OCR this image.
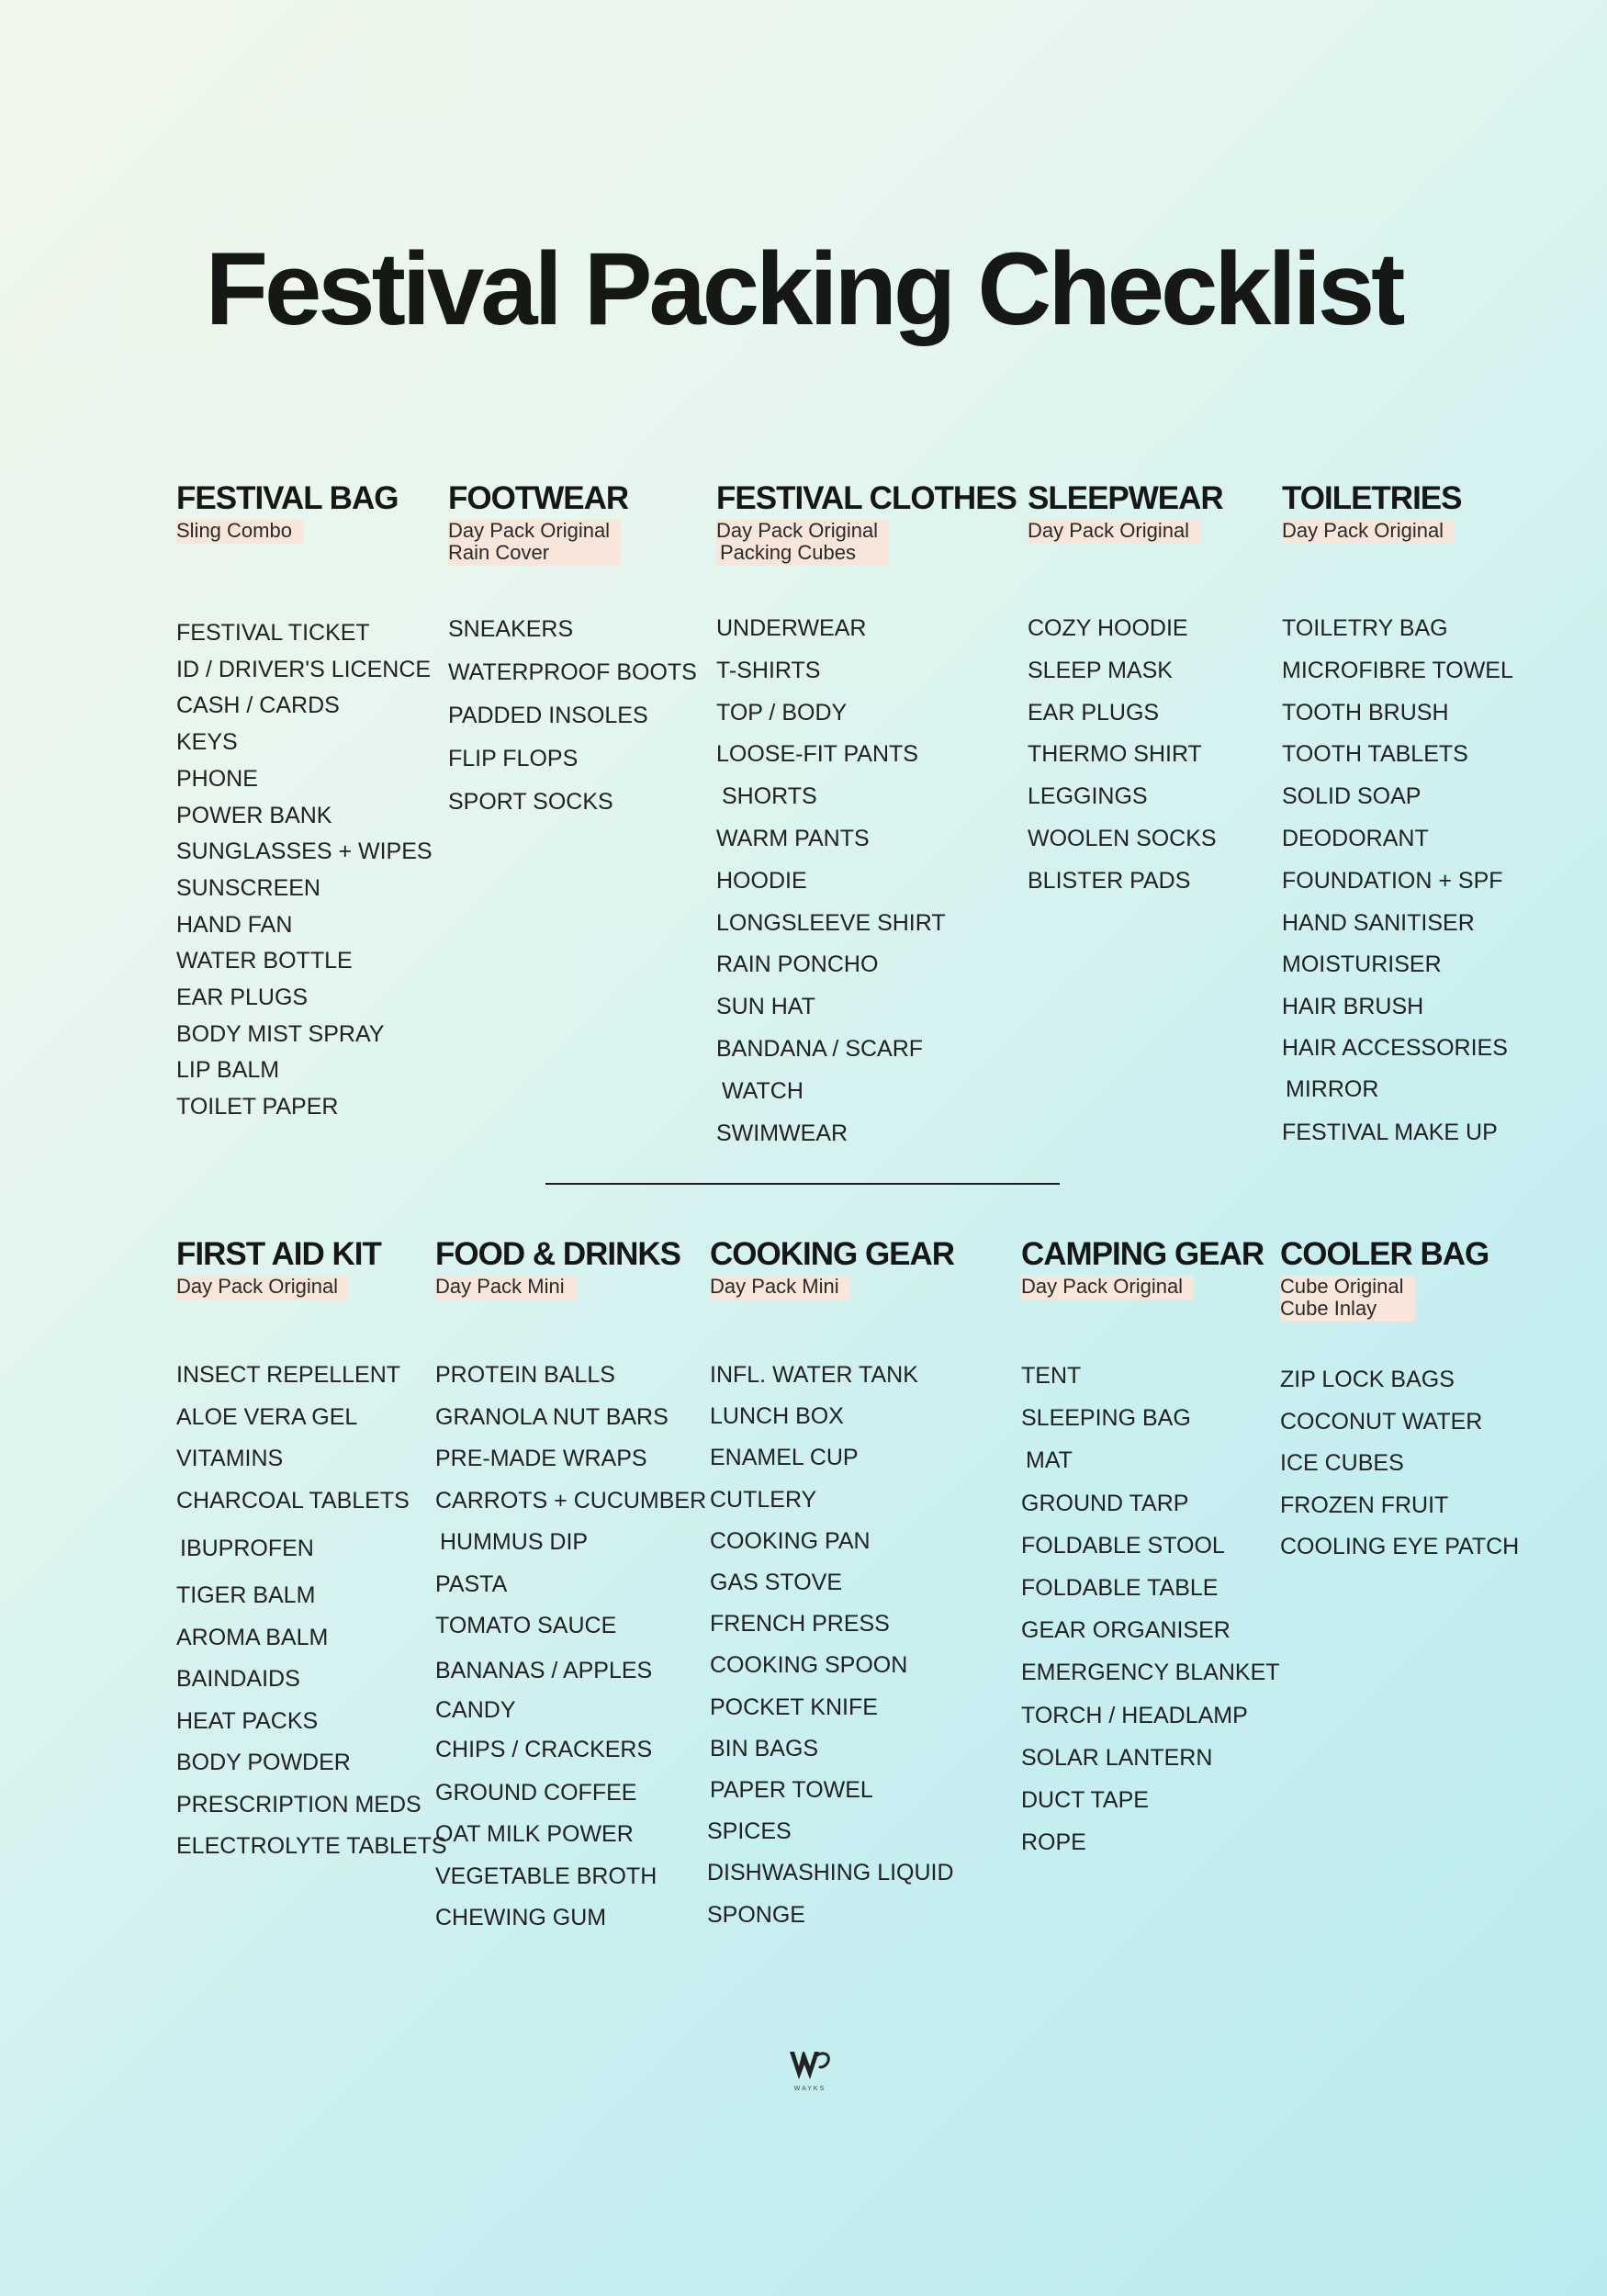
Festival Packing Checklist
FESTIVAL BAG
Sling Combo
FESTIVAL TICKET
ID / DRIVER'S LICENCE
CASH / CARDS
KEYS
PHONE
POWER BANK
SUNGLASSES + WIPES
SUNSCREEN
HAND FAN
WATER BOTTLE
EAR PLUGS
BODY MIST SPRAY
LIP BALM
TOILET PAPER
FOOTWEAR
Day Pack Original
Rain Cover
SNEAKERS
WATERPROOF BOOTS
PADDED INSOLES
FLIP FLOPS
SPORT SOCKS
FESTIVAL CLOTHES
Day Pack Original
Packing Cubes
UNDERWEAR
T-SHIRTS
TOP / BODY
LOOSE-FIT PANTS
SHORTS
WARM PANTS
HOODIE
LONGSLEEVE SHIRT
RAIN PONCHO
SUN HAT
BANDANA / SCARF
WATCH
SWIMWEAR
SLEEPWEAR
Day Pack Original
COZY HOODIE
SLEEP MASK
EAR PLUGS
THERMO SHIRT
LEGGINGS
WOOLEN SOCKS
BLISTER PADS
TOILETRIES
Day Pack Original
TOILETRY BAG
MICROFIBRE TOWEL
TOOTH BRUSH
TOOTH TABLETS
SOLID SOAP
DEODORANT
FOUNDATION + SPF
HAND SANITISER
MOISTURISER
HAIR BRUSH
HAIR ACCESSORIES
MIRROR
FESTIVAL MAKE UP
FIRST AID KIT
Day Pack Original
INSECT REPELLENT
ALOE VERA GEL
VITAMINS
CHARCOAL TABLETS
IBUPROFEN
TIGER BALM
AROMA BALM
BAINDAIDS
HEAT PACKS
BODY POWDER
PRESCRIPTION MEDS
ELECTROLYTE TABLETS
FOOD & DRINKS
Day Pack Mini
PROTEIN BALLS
GRANOLA NUT BARS
PRE-MADE WRAPS
CARROTS + CUCUMBER
HUMMUS DIP
PASTA
TOMATO SAUCE
BANANAS / APPLES
CANDY
CHIPS / CRACKERS
GROUND COFFEE
OAT MILK POWER
VEGETABLE BROTH
CHEWING GUM
COOKING GEAR
Day Pack Mini
INFL. WATER TANK
LUNCH BOX
ENAMEL CUP
CUTLERY
COOKING PAN
GAS STOVE
FRENCH PRESS
COOKING SPOON
POCKET KNIFE
BIN BAGS
PAPER TOWEL
SPICES
DISHWASHING LIQUID
SPONGE
CAMPING GEAR
Day Pack Original
TENT
SLEEPING BAG
MAT
GROUND TARP
FOLDABLE STOOL
FOLDABLE TABLE
GEAR ORGANISER
EMERGENCY BLANKET
TORCH / HEADLAMP
SOLAR LANTERN
DUCT TAPE
ROPE
COOLER BAG
Cube Original
Cube Inlay
ZIP LOCK BAGS
COCONUT WATER
ICE CUBES
FROZEN FRUIT
COOLING EYE PATCH
WAYKS
